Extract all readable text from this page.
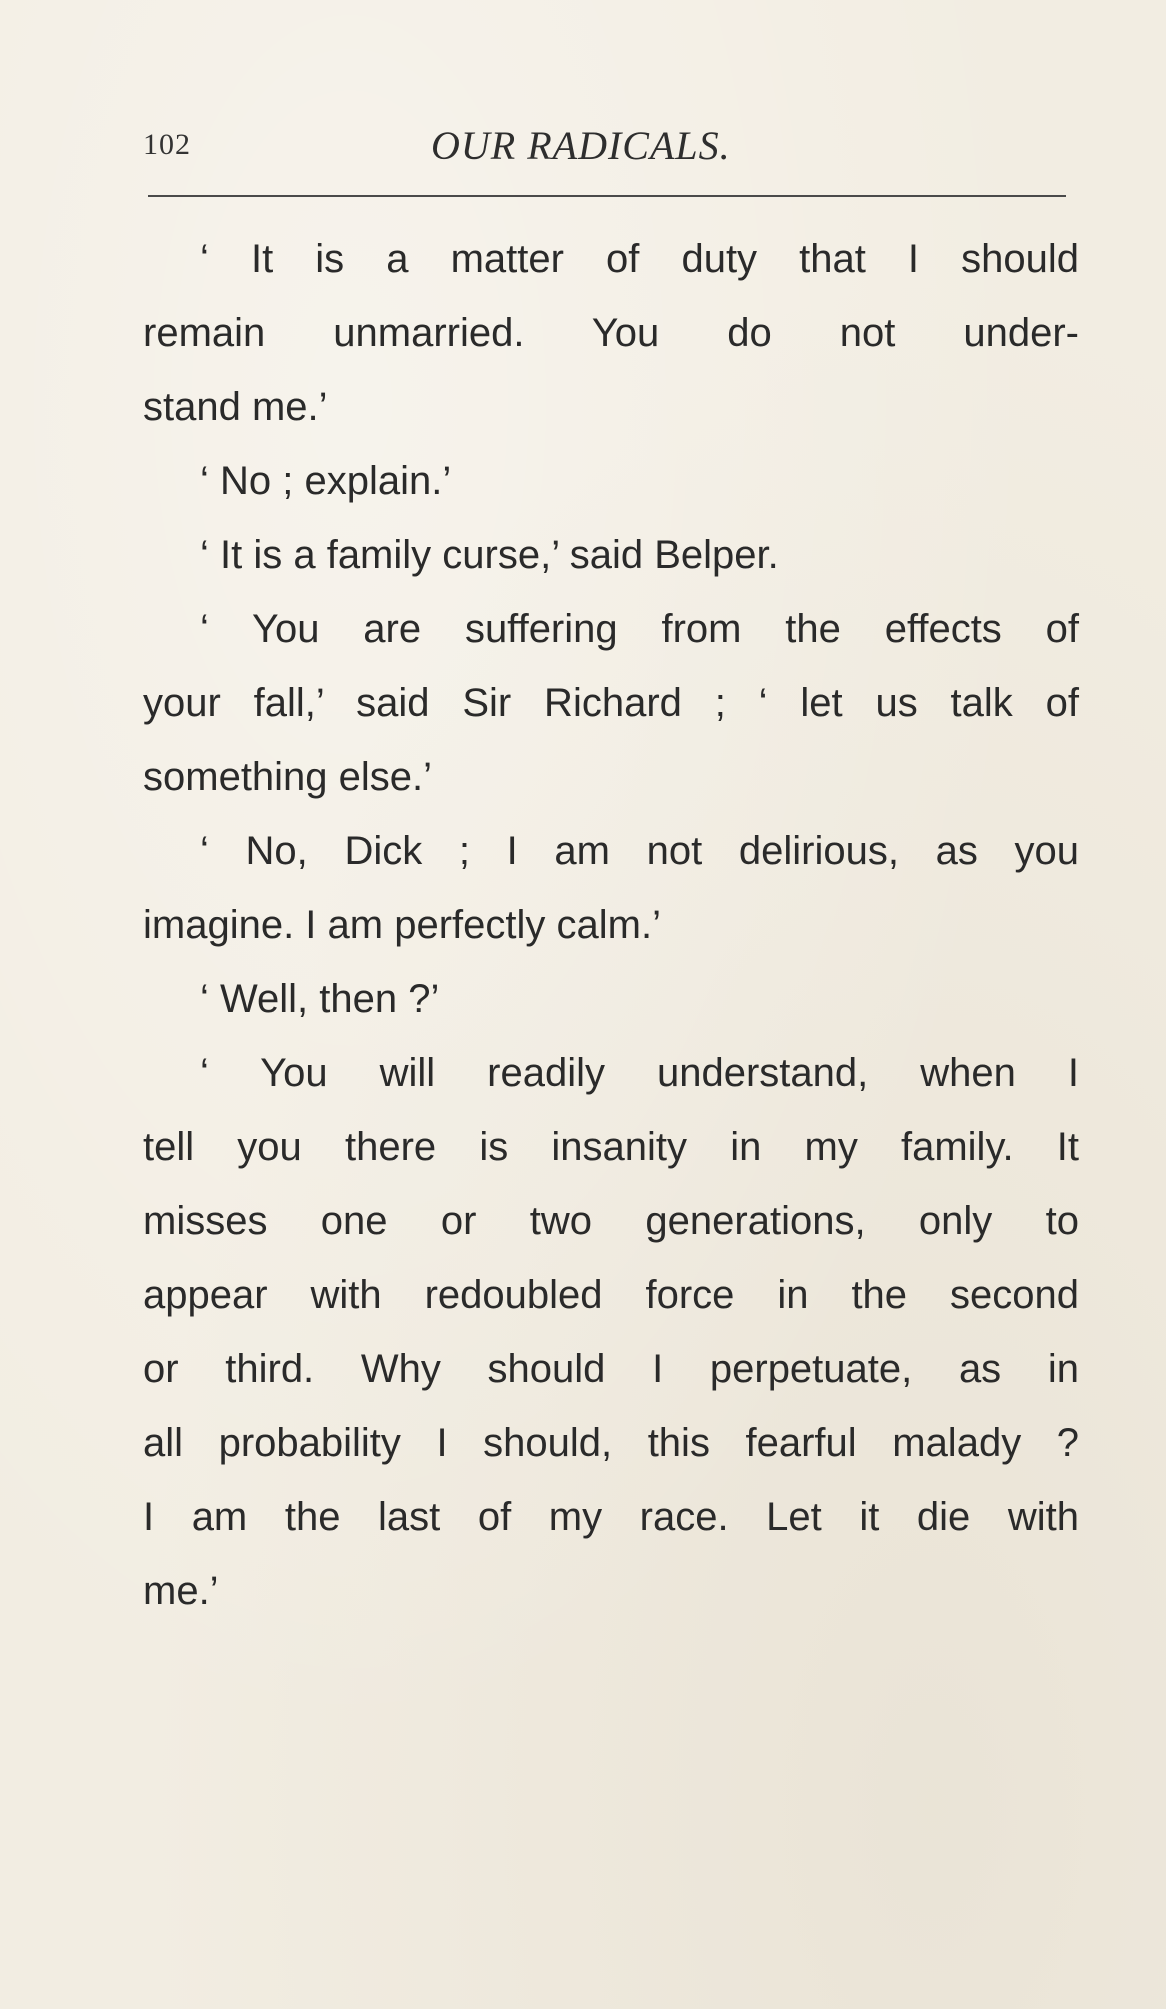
102	OUR RADICALS.
‘ It is a matter of duty that I should
remain unmarried. You do not under-
stand me.’
‘ No ; explain.’
‘ It is a family curse,’ said Belper.
‘ You are suffering from the effects of
your fall,’ said Sir Richard ; ‘ let us talk of
something else.’
‘ No, Dick ; I am not delirious, as you
imagine. I am perfectly calm.’
‘ Well, then ?’
‘ You will readily understand, when I
tell you there is insanity in my family. It
misses one or two generations, only to
appear with redoubled force in the second
or third. Why should I perpetuate, as in
all probability I should, this fearful malady ?
I am the last of my race. Let it die with
me.’
